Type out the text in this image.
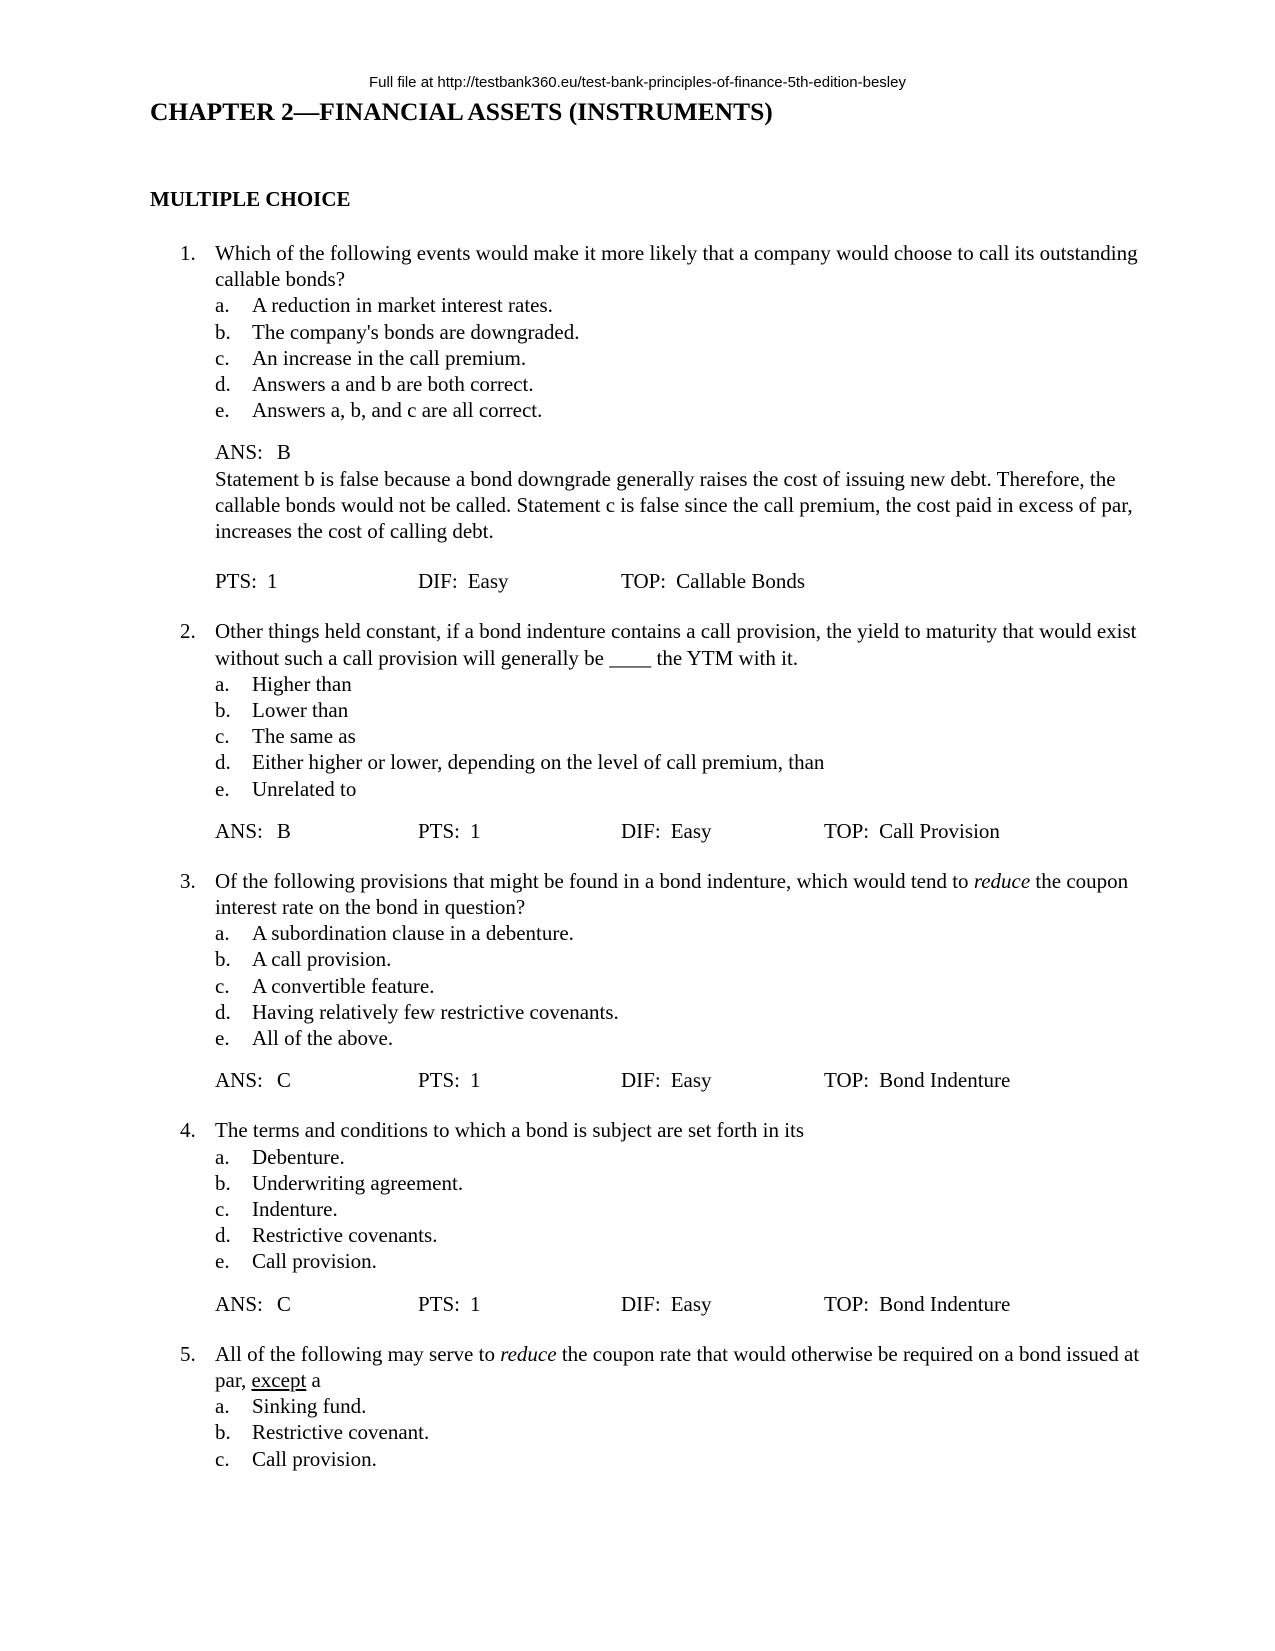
Full file at http://testbank360.eu/test-bank-principles-of-finance-5th-edition-besley
CHAPTER 2—FINANCIAL ASSETS (INSTRUMENTS)
MULTIPLE CHOICE
1. Which of the following events would make it more likely that a company would choose to call its outstanding callable bonds?
a. A reduction in market interest rates.
b. The company's bonds are downgraded.
c. An increase in the call premium.
d. Answers a and b are both correct.
e. Answers a, b, and c are all correct.
ANS: B
Statement b is false because a bond downgrade generally raises the cost of issuing new debt. Therefore, the callable bonds would not be called. Statement c is false since the call premium, the cost paid in excess of par, increases the cost of calling debt.
PTS: 1	DIF: Easy	TOP: Callable Bonds
2. Other things held constant, if a bond indenture contains a call provision, the yield to maturity that would exist without such a call provision will generally be ____ the YTM with it.
a. Higher than
b. Lower than
c. The same as
d. Either higher or lower, depending on the level of call premium, than
e. Unrelated to
ANS: B	PTS: 1	DIF: Easy	TOP: Call Provision
3. Of the following provisions that might be found in a bond indenture, which would tend to reduce the coupon interest rate on the bond in question?
a. A subordination clause in a debenture.
b. A call provision.
c. A convertible feature.
d. Having relatively few restrictive covenants.
e. All of the above.
ANS: C	PTS: 1	DIF: Easy	TOP: Bond Indenture
4. The terms and conditions to which a bond is subject are set forth in its
a. Debenture.
b. Underwriting agreement.
c. Indenture.
d. Restrictive covenants.
e. Call provision.
ANS: C	PTS: 1	DIF: Easy	TOP: Bond Indenture
5. All of the following may serve to reduce the coupon rate that would otherwise be required on a bond issued at par, except a
a. Sinking fund.
b. Restrictive covenant.
c. Call provision.
